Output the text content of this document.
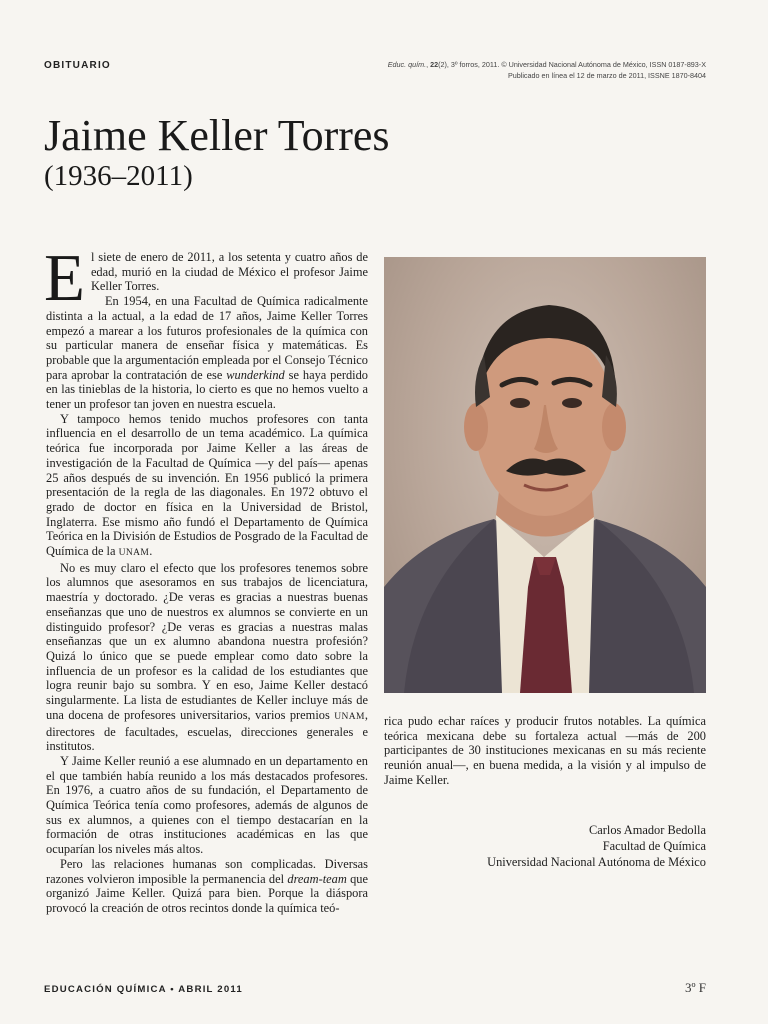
OBITUARIO	Educ. quím., 22(2), 3º forros, 2011. © Universidad Nacional Autónoma de México, ISSN 0187-893-X
Publicado en línea el 12 de marzo de 2011, ISSNE 1870-8404
Jaime Keller Torres
(1936–2011)

El siete de enero de 2011, a los setenta y cuatro años de edad, murió en la ciudad de México el profesor Jaime Keller Torres.

En 1954, en una Facultad de Química radicalmente distinta a la actual, a la edad de 17 años, Jaime Keller Torres empezó a marear a los futuros profesionales de la química con su particular manera de enseñar física y matemáticas. Es probable que la argumentación empleada por el Consejo Técnico para aprobar la contratación de ese wunderkind se haya perdido en las tinieblas de la historia, lo cierto es que no hemos vuelto a tener un profesor tan joven en nuestra escuela.

Y tampoco hemos tenido muchos profesores con tanta influencia en el desarrollo de un tema académico. La química teórica fue incorporada por Jaime Keller a las áreas de investigación de la Facultad de Química —y del país— apenas 25 años después de su invención. En 1956 publicó la primera presentación de la regla de las diagonales. En 1972 obtuvo el grado de doctor en física en la Universidad de Bristol, Inglaterra. Ese mismo año fundó el Departamento de Química Teórica en la División de Estudios de Posgrado de la Facultad de Química de la UNAM.

No es muy claro el efecto que los profesores tenemos sobre los alumnos que asesoramos en sus trabajos de licenciatura, maestría y doctorado. ¿De veras es gracias a nuestras buenas enseñanzas que uno de nuestros ex alumnos se convierte en un distinguido profesor? ¿De veras es gracias a nuestras malas enseñanzas que un ex alumno abandona nuestra profesión? Quizá lo único que se puede emplear como dato sobre la influencia de un profesor es la calidad de los estudiantes que logra reunir bajo su sombra. Y en eso, Jaime Keller destacó singularmente. La lista de estudiantes de Keller incluye más de una docena de profesores universitarios, varios premios UNAM, directores de facultades, escuelas, direcciones generales e institutos.

Y Jaime Keller reunió a ese alumnado en un departamento en el que también había reunido a los más destacados profesores. En 1976, a cuatro años de su fundación, el Departamento de Química Teórica tenía como profesores, además de algunos de sus ex alumnos, a quienes con el tiempo destacarían en la formación de otras instituciones académicas en las que ocuparían los niveles más altos.

Pero las relaciones humanas son complicadas. Diversas razones volvieron imposible la permanencia del dream-team que organizó Jaime Keller. Quizá para bien. Porque la diáspora provocó la creación de otros recintos donde la química teó-

rica pudo echar raíces y producir frutos notables. La química teórica mexicana debe su fortaleza actual —más de 200 participantes de 30 instituciones mexicanas en su más reciente reunión anual—, en buena medida, a la visión y al impulso de Jaime Keller.

Carlos Amador Bedolla
Facultad de Química
Universidad Nacional Autónoma de México
EDUCACIÓN QUÍMICA • ABRIL 2011	3º F
